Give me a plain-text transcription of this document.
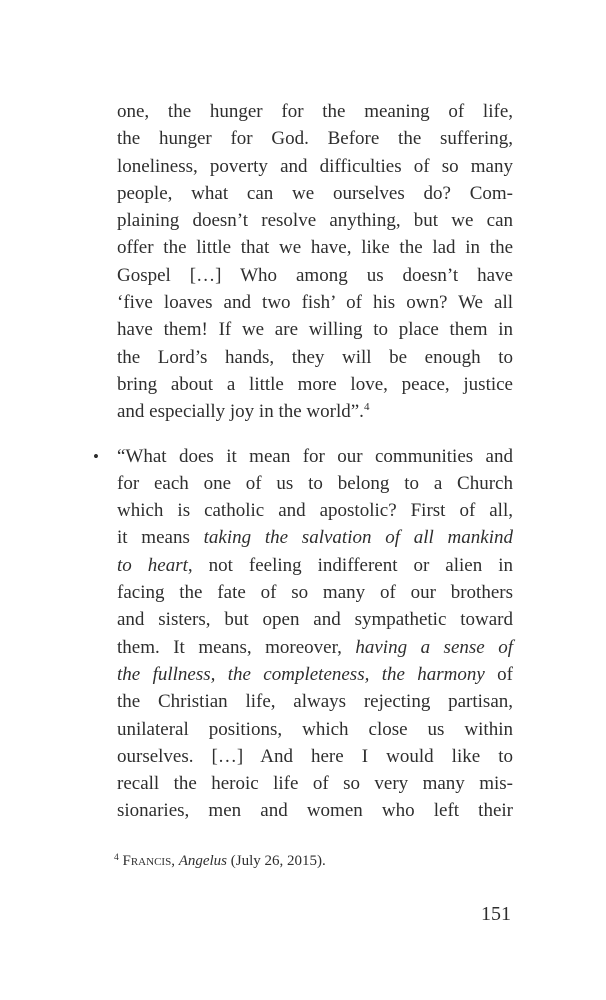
one, the hunger for the meaning of life,
the hunger for God. Before the suffering,
loneliness, poverty and difficulties of so many
people, what can we ourselves do? Com-
plaining doesn’t resolve anything, but we can
offer the little that we have, like the lad in the
Gospel […] Who among us doesn’t have
‘five loaves and two fish’ of his own? We all
have them! If we are willing to place them in
the Lord’s hands, they will be enough to
bring about a little more love, peace, justice
and especially joy in the world”.$^4$
• “What does it mean for our communities and
for each one of us to belong to a Church
which is catholic and apostolic? First of all,
it means taking the salvation of all mankind
to heart, not feeling indifferent or alien in
facing the fate of so many of our brothers
and sisters, but open and sympathetic toward
them. It means, moreover, having a sense of
the fullness, the completeness, the harmony of
the Christian life, always rejecting partisan,
unilateral positions, which close us within
ourselves. […] And here I would like to
recall the heroic life of so very many mis-
sionaries, men and women who left their
$^4$ Francis, Angelus (July 26, 2015).
151
